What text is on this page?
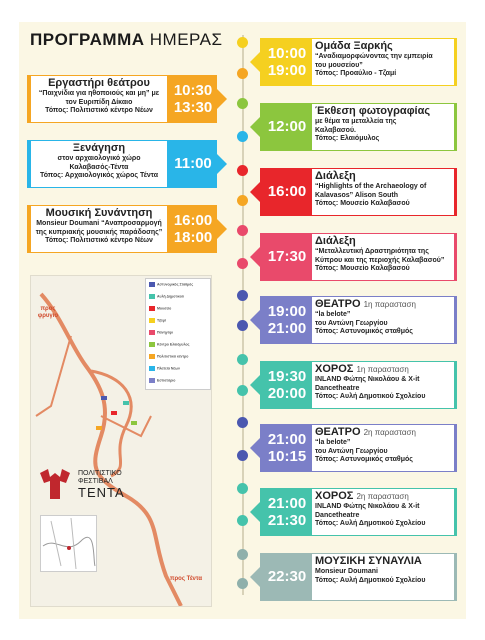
ΠΡΟΓΡΑΜΜΑ ΗΜΕΡΑΣ
Εργαστήρι θεάτρου
“Παιχνίδια για ηθοποιούς και μη” με
τον Ευριπίδη Δίκαιο
Τόπος: Πολιτιστικό κέντρο Νέων
10:30
13:30
Ξενάγηση
στον αρχαιολογικό χώρο
Καλαβασός-Τέντα
Τόπος: Αρχαιολογικός χώρος Τέντα
11:00
Μουσική Συνάντηση
Monsieur Doumani “Αναπροσαρμογή
της κυπριακής μουσικής παράδοσης”
Τόπος: Πολιτιστικό κέντρο Νέων
16:00
18:00
10:00
19:00
Ομάδα Ξαρκής
“Αναδιαμορφώνοντας την εμπειρία
του μουσείου”
Τόπος: Προαύλιο - Τζαμί
12:00
Έκθεση φωτογραφίας
με θέμα τα μεταλλεία της
Καλαβασού.
Τόπος: Ελαιόμυλος
16:00
Διάλεξη
“Highlights of the Archaeology of
Kalavasos” Alison South
Τόπος: Μουσείο Καλαβασού
17:30
Διάλεξη
“Μεταλλευτική Δραστηριότητα της
Κύπρου και της περιοχής Καλαβασού”
Τόπος: Μουσείο Καλαβασού
19:00
21:00
ΘΕΑΤΡΟ 1η παρασταση
“la belote”
του Αντώνη Γεωργίου
Τόπος: Αστυνομικός σταθμός
19:30
20:00
ΧΟΡΟΣ 1η παρασταση
INLAND Φώτης Νικολάου & X-it
Dancetheatre
Τόπος: Αυλή Δημοτικού Σχολείου
21:00
10:15
ΘΕΑΤΡΟ 2η παρασταση
“la belote”
του Αντώνη Γεωργίου
Τόπος: Αστυνομικός σταθμός
21:00
21:30
ΧΟΡΟΣ 2η παρασταση
INLAND Φώτης Νικολάου & X-it
Dancetheatre
Τόπος: Αυλή Δημοτικού Σχολείου
22:30
ΜΟΥΣΙΚΗ ΣΥΝΑΥΛΙΑ
Monsieur Doumani
Τόπος: Αυλή Δημοτικού Σχολείου
Αστυνομικός Σταθμός
Αυλή Δημοτικού
Μουσείο
Τζαμί
Πανηγύρι
Κέντρο Ελαιόμυλος
Πολιτιστικό κέντρο
Πλατεία Νέων
Εστιατόριο
προς φρυγιο
προς Τέντα
ΠΟΛΙΤΙΣΤΙΚΟ
ΦΕΣΤΙΒΑΛ
ΤΕΝΤΑ
